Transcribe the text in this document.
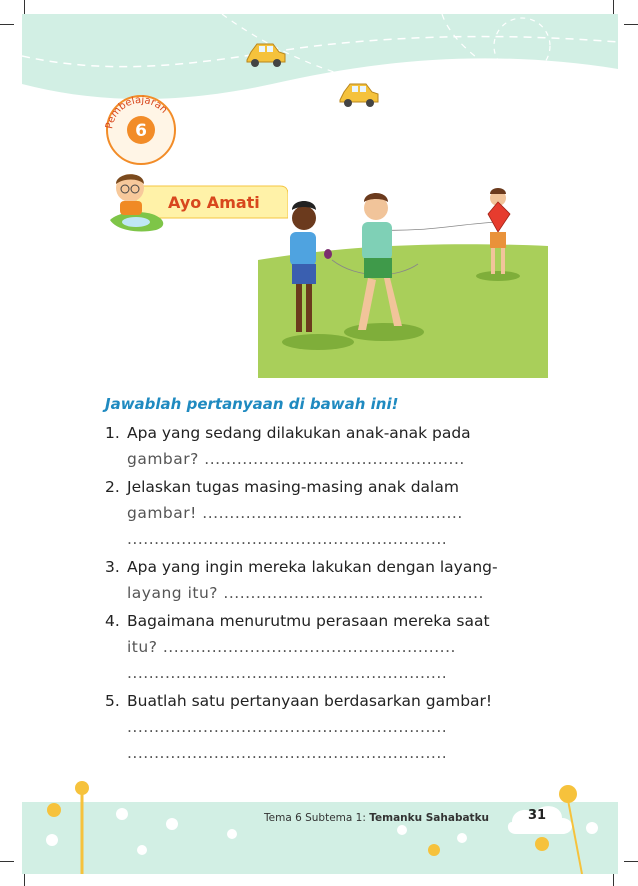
Pembelajaran
6
Ayo Amati
Jawablah pertanyaan di bawah ini!
1. Apa yang sedang dilakukan anak-anak pada
gambar? ................................................
2. Jelaskan tugas masing-masing anak dalam
gambar! ................................................
...........................................................
3. Apa yang ingin mereka lakukan dengan layang-
layang itu? ................................................
4. Bagaimana menurutmu perasaan mereka saat
itu? ......................................................
...........................................................
5. Buatlah satu pertanyaan berdasarkan gambar!
...........................................................
...........................................................
Tema 6 Subtema 1: Temanku Sahabatku	31
